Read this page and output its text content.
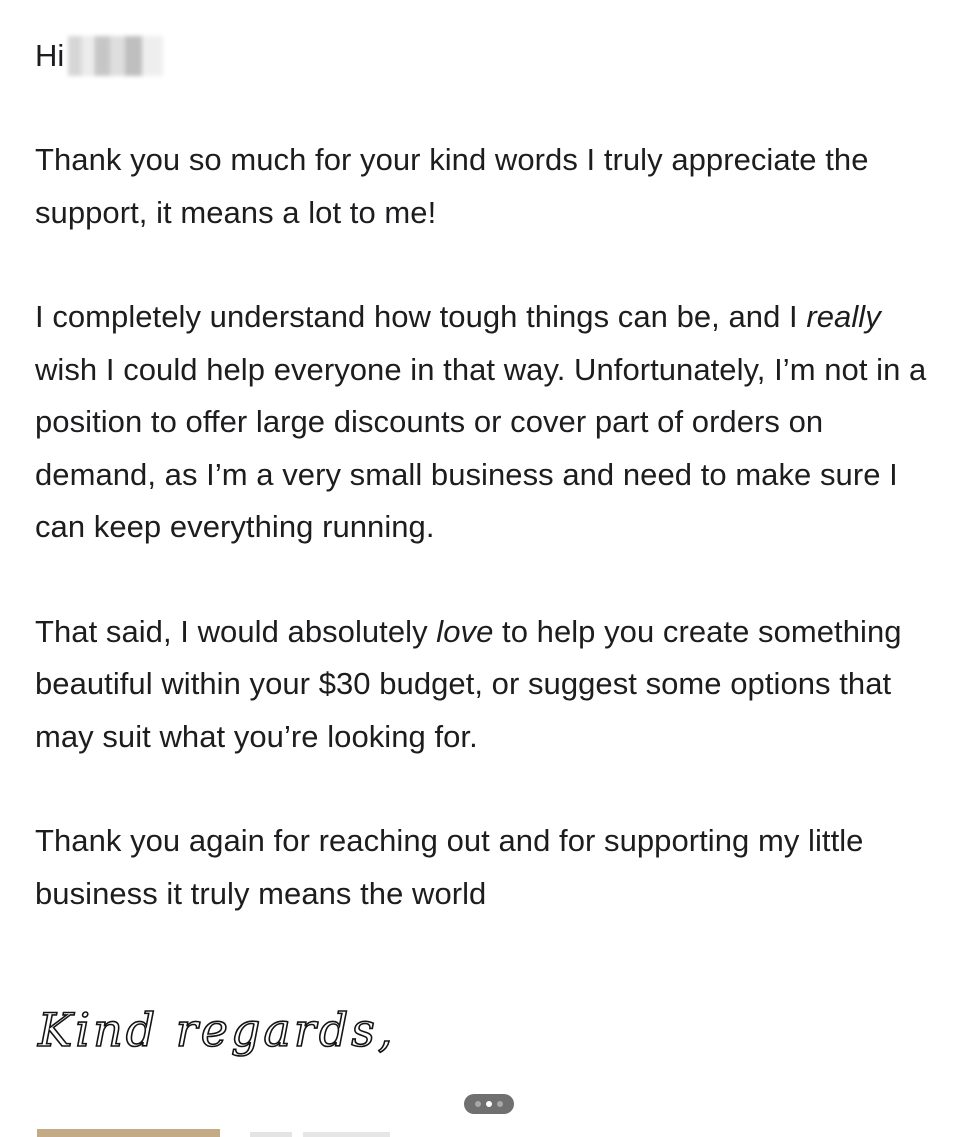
Hi

Thank you so much for your kind words I truly appreciate the support, it means a lot to me!

I completely understand how tough things can be, and I really wish I could help everyone in that way. Unfortunately, I’m not in a position to offer large discounts or cover part of orders on demand, as I’m a very small business and need to make sure I can keep everything running.

That said, I would absolutely love to help you create something beautiful within your $30 budget, or suggest some options that may suit what you’re looking for.

Thank you again for reaching out and for supporting my little business it truly means the world

Kind regards,
